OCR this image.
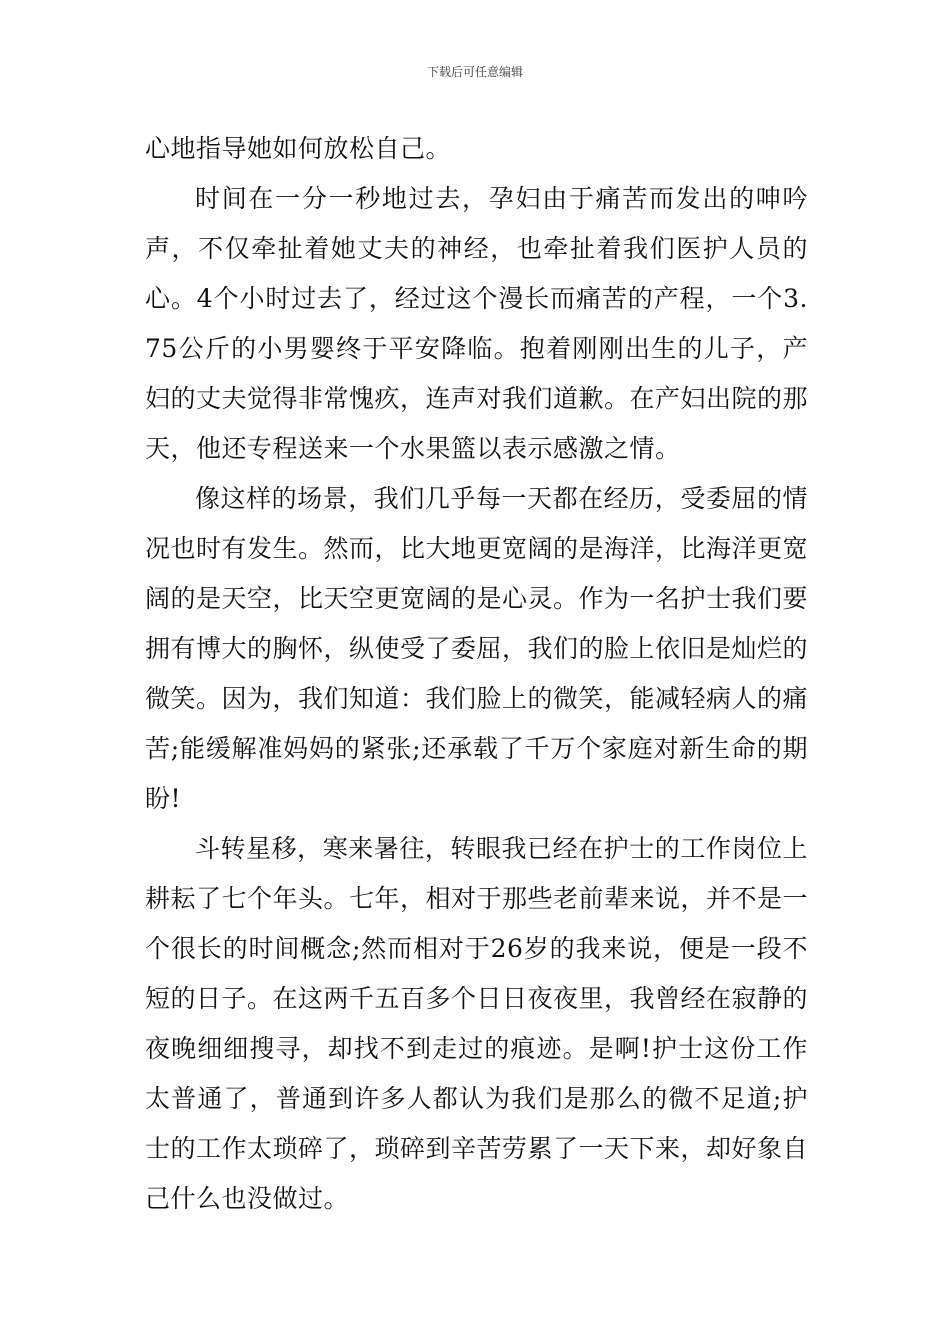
下载后可任意编辑

心地指导她如何放松自己。

时间在一分一秒地过去，孕妇由于痛苦而发出的呻吟声，不仅牵扯着她丈夫的神经，也牵扯着我们医护人员的心。4个小时过去了，经过这个漫长而痛苦的产程，一个3.75公斤的小男婴终于平安降临。抱着刚刚出生的儿子，产妇的丈夫觉得非常愧疚，连声对我们道歉。在产妇出院的那天，他还专程送来一个水果篮以表示感激之情。

像这样的场景，我们几乎每一天都在经历，受委屈的情况也时有发生。然而，比大地更宽阔的是海洋，比海洋更宽阔的是天空，比天空更宽阔的是心灵。作为一名护士我们要拥有博大的胸怀，纵使受了委屈，我们的脸上依旧是灿烂的微笑。因为，我们知道：我们脸上的微笑，能减轻病人的痛苦;能缓解准妈妈的紧张;还承载了千万个家庭对新生命的期盼!

斗转星移，寒来暑往，转眼我已经在护士的工作岗位上耕耘了七个年头。七年，相对于那些老前辈来说，并不是一个很长的时间概念;然而相对于26岁的我来说，便是一段不短的日子。在这两千五百多个日日夜夜里，我曾经在寂静的夜晚细细搜寻，却找不到走过的痕迹。是啊!护士这份工作太普通了，普通到许多人都认为我们是那么的微不足道;护士的工作太琐碎了，琐碎到辛苦劳累了一天下来，却好象自己什么也没做过。
